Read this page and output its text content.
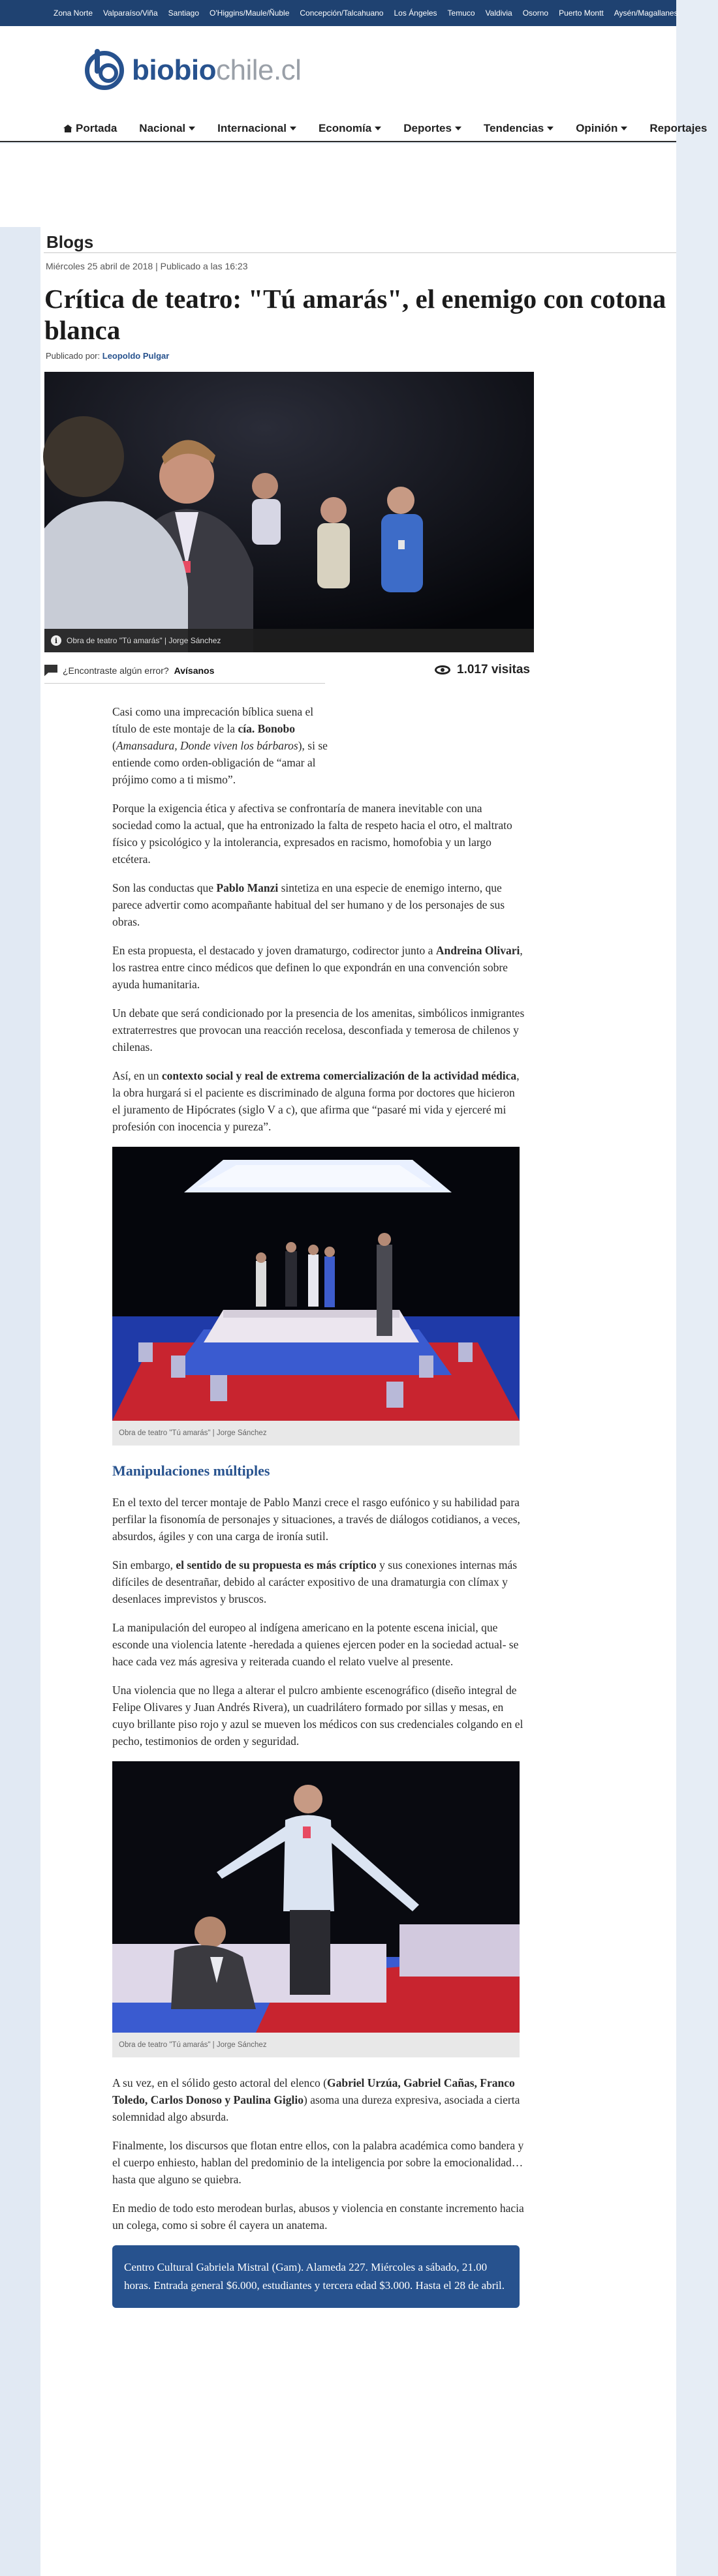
Zona Norte	Valparaíso/Viña	Santiago	O'Higgins/Maule/Ñuble	Concepción/Talcahuano	Los Ángeles	Temuco	Valdivia	Osorno	Puerto Montt	Aysén/Magallanes
biobiochile.cl
Portada Nacional	Internacional	Economía	Deportes	Tendencias	Opinión	Reportajes
Blogs
Miércoles 25 abril de 2018 | Publicado a las 16:23
Crítica de teatro: "Tú amarás", el enemigo con cotona blanca
Publicado por: Leopoldo Pulgar
i	Obra de teatro "Tú amarás" | Jorge Sánchez
¿Encontraste algún error? Avísanos	1.017 visitas

Casi como una imprecación bíblica suena el título de este montaje de la cía. Bonobo (Amansadura, Donde viven los bárbaros), si se entiende como orden-obligación de “amar al prójimo como a ti mismo”.

Porque la exigencia ética y afectiva se confrontaría de manera inevitable con una sociedad como la actual, que ha entronizado la falta de respeto hacia el otro, el maltrato físico y psicológico y la intolerancia, expresados en racismo, homofobia y un largo etcétera.

Son las conductas que Pablo Manzi sintetiza en una especie de enemigo interno, que parece advertir como acompañante habitual del ser humano y de los personajes de sus obras.

En esta propuesta, el destacado y joven dramaturgo, codirector junto a Andreina Olivari, los rastrea entre cinco médicos que definen lo que expondrán en una convención sobre ayuda humanitaria.

Un debate que será condicionado por la presencia de los amenitas, simbólicos inmigrantes extraterrestres que provocan una reacción recelosa, desconfiada y temerosa de chilenos y chilenas.

Así, en un contexto social y real de extrema comercialización de la actividad médica, la obra hurgará si el paciente es discriminado de alguna forma por doctores que hicieron el juramento de Hipócrates (siglo V a c), que afirma que “pasaré mi vida y ejerceré mi profesión con inocencia y pureza”.

Obra de teatro "Tú amarás" | Jorge Sánchez
Manipulaciones múltiples

En el texto del tercer montaje de Pablo Manzi crece el rasgo eufónico y su habilidad para perfilar la fisonomía de personajes y situaciones, a través de diálogos cotidianos, a veces, absurdos, ágiles y con una carga de ironía sutil.

Sin embargo, el sentido de su propuesta es más críptico y sus conexiones internas más difíciles de desentrañar, debido al carácter expositivo de una dramaturgia con clímax y desenlaces imprevistos y bruscos.

La manipulación del europeo al indígena americano en la potente escena inicial, que esconde una violencia latente -heredada a quienes ejercen poder en la sociedad actual- se hace cada vez más agresiva y reiterada cuando el relato vuelve al presente.

Una violencia que no llega a alterar el pulcro ambiente escenográfico (diseño integral de Felipe Olivares y Juan Andrés Rivera), un cuadrilátero formado por sillas y mesas, en cuyo brillante piso rojo y azul se mueven los médicos con sus credenciales colgando en el pecho, testimonios de orden y seguridad.

Obra de teatro "Tú amarás" | Jorge Sánchez

A su vez, en el sólido gesto actoral del elenco (Gabriel Urzúa, Gabriel Cañas, Franco Toledo, Carlos Donoso y Paulina Giglio) asoma una dureza expresiva, asociada a cierta solemnidad algo absurda.

Finalmente, los discursos que flotan entre ellos, con la palabra académica como bandera y el cuerpo enhiesto, hablan del predominio de la inteligencia por sobre la emocionalidad… hasta que alguno se quiebra.

En medio de todo esto merodean burlas, abusos y violencia en constante incremento hacia un colega, como si sobre él cayera un anatema.

Centro Cultural Gabriela Mistral (Gam). Alameda 227. Miércoles a sábado, 21.00 horas. Entrada general $6.000, estudiantes y tercera edad $3.000. Hasta el 28 de abril.
